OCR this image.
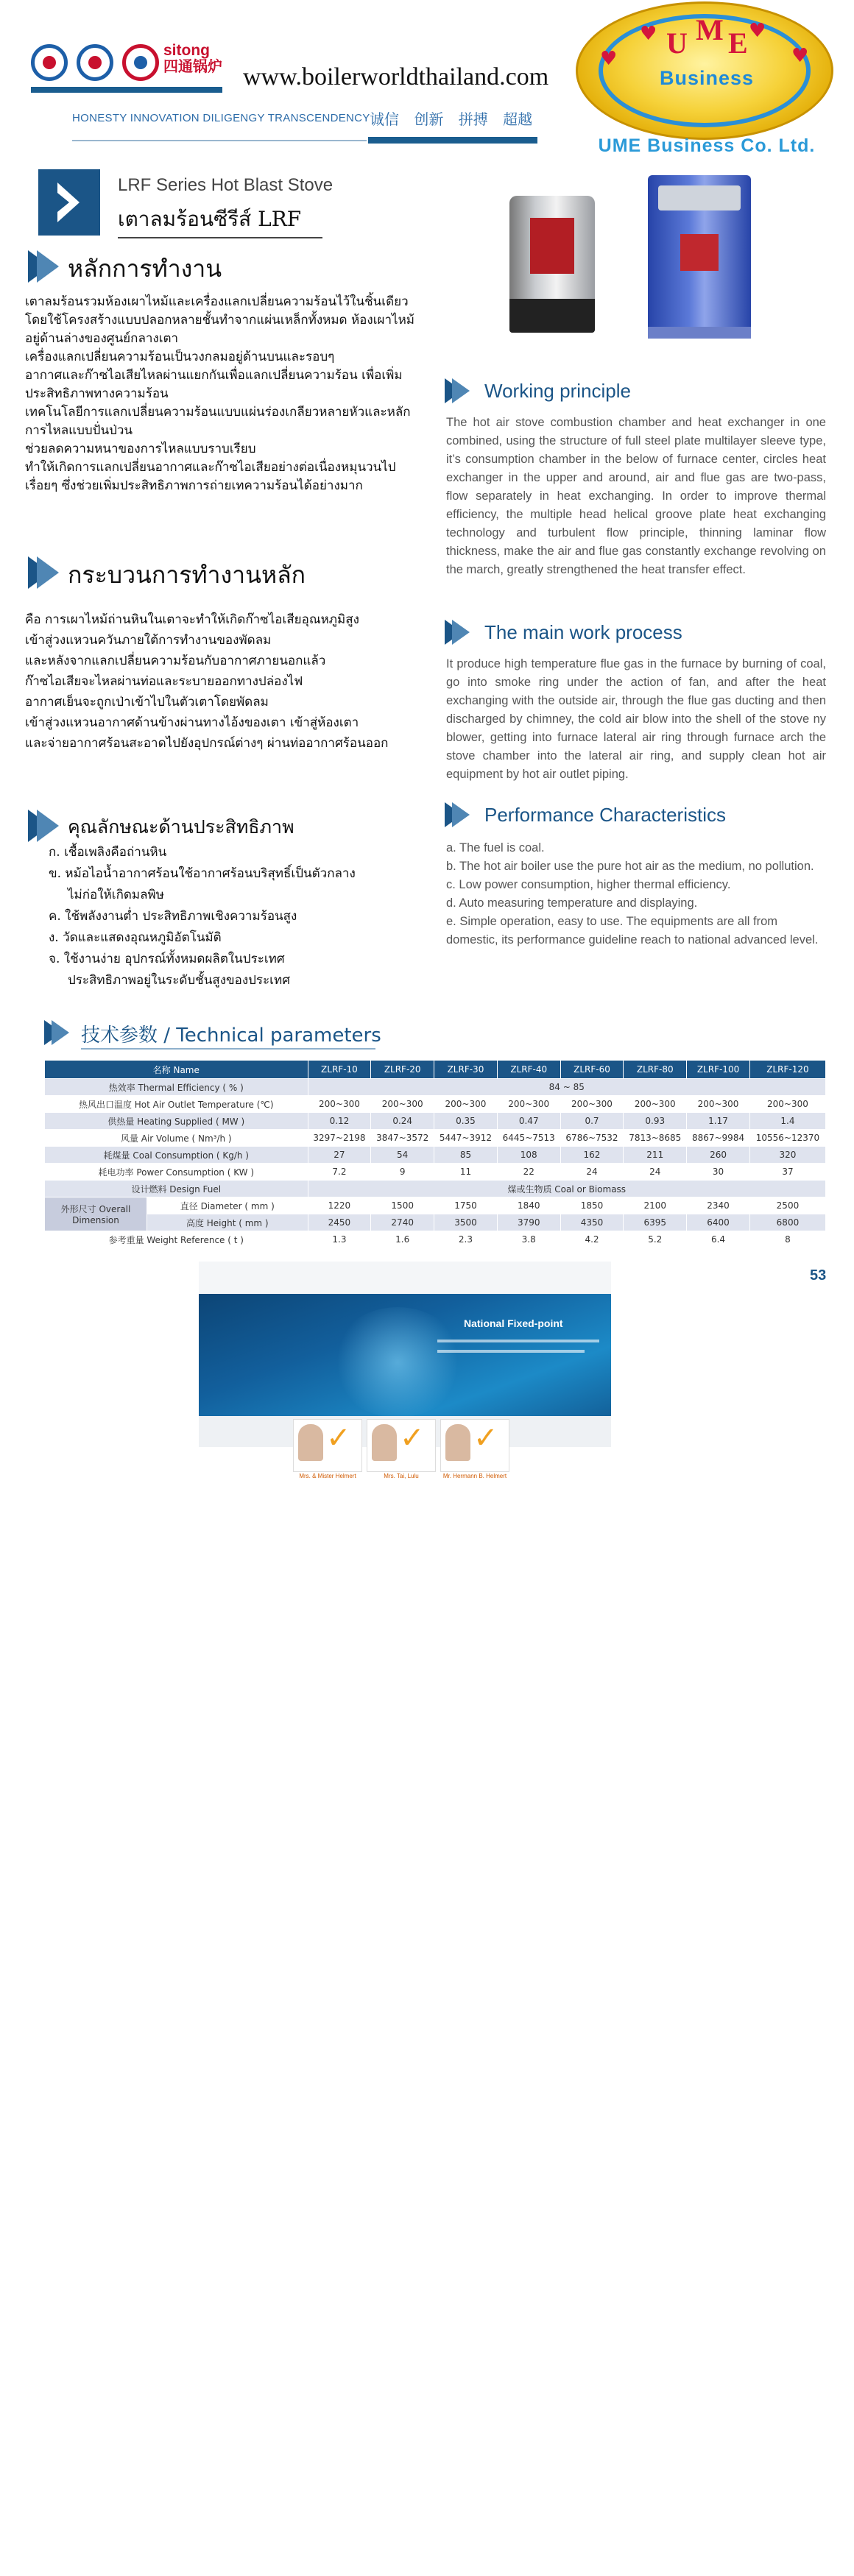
sitong
四通锅炉 www.boilerworldthailand.com
HONESTY INNOVATION DILIGENGY TRANSCENDENCY 诚信 创新 拼搏 超越
♥
♥	♥
♥
U M E
Business
UME Business Co. Ltd.
LRF Series Hot Blast Stove
เตาลมร้อนซีรีส์ LRF
หลักการทำงาน
เตาลมร้อนรวมห้องเผาไหม้และเครื่องแลกเปลี่ยนความร้อนไว้ในชิ้นเดียว โดยใช้โครงสร้างแบบปลอกหลายชั้นทำจากแผ่นเหล็กทั้งหมด ห้องเผาไหม้อยู่ด้านล่างของศูนย์กลางเตา
เครื่องแลกเปลี่ยนความร้อนเป็นวงกลมอยู่ด้านบนและรอบๆ
อากาศและก๊าซไอเสียไหลผ่านแยกกันเพื่อแลกเปลี่ยนความร้อน เพื่อเพิ่มประสิทธิภาพทางความร้อน
เทคโนโลยีการแลกเปลี่ยนความร้อนแบบแผ่นร่องเกลียวหลายหัวและหลักการไหลแบบปั่นป่วน
ช่วยลดความหนาของการไหลแบบราบเรียบ
ทำให้เกิดการแลกเปลี่ยนอากาศและก๊าซไอเสียอย่างต่อเนื่องหมุนวนไปเรื่อยๆ ซึ่งช่วยเพิ่มประสิทธิภาพการถ่ายเทความร้อนได้อย่างมาก
กระบวนการทำงานหลัก
คือ การเผาไหม้ถ่านหินในเตาจะทำให้เกิดก๊าซไอเสียอุณหภูมิสูง
เข้าสู่วงแหวนควันภายใต้การทำงานของพัดลม
และหลังจากแลกเปลี่ยนความร้อนกับอากาศภายนอกแล้ว
ก๊าซไอเสียจะไหลผ่านท่อและระบายออกทางปล่องไฟ
อากาศเย็นจะถูกเป่าเข้าไปในตัวเตาโดยพัดลม
เข้าสู่วงแหวนอากาศด้านข้างผ่านทางไอ้งของเตา เข้าสู่ห้องเตา
และจ่ายอากาศร้อนสะอาดไปยังอุปกรณ์ต่างๆ ผ่านท่ออากาศร้อนออก
คุณลักษณะด้านประสิทธิภาพ
ก. เชื้อเพลิงคือถ่านหิน
ข. หม้อไอน้ำอากาศร้อนใช้อากาศร้อนบริสุทธิ์เป็นตัวกลาง
ไม่ก่อให้เกิดมลพิษ
ค. ใช้พลังงานต่ำ ประสิทธิภาพเชิงความร้อนสูง
ง. วัดและแสดงอุณหภูมิอัตโนมัติ
จ. ใช้งานง่าย อุปกรณ์ทั้งหมดผลิตในประเทศ
ประสิทธิภาพอยู่ในระดับชั้นสูงของประเทศ
Working principle
The hot air stove combustion chamber and heat exchanger in one combined, using the structure of full steel plate multilayer sleeve type, it’s consumption chamber in the below of furnace center, circles heat exchanger in the upper and around, air and flue gas are two-pass, flow separately in heat exchanging. In order to improve thermal efficiency, the multiple head helical groove plate heat exchanging technology and turbulent flow principle, thinning laminar flow thickness, make the air and flue gas constantly exchange revolving on the march, greatly strengthened the heat transfer effect.
The main work process
It produce high temperature flue gas in the furnace by burning of coal, go into smoke ring under the action of fan, and after the heat exchanging with the outside air, through the flue gas ducting and then discharged by chimney, the cold air blow into the shell of the stove ny blower, getting into furnace lateral air ring through furnace arch the stove chamber into the lateral air ring, and supply clean hot air equipment by hot air outlet piping.
Performance Characteristics
a. The fuel is coal.
b. The hot air boiler use the pure hot air as the medium, no pollution.
c. Low power consumption, higher thermal efficiency.
d. Auto measuring temperature and displaying.
e. Simple operation, easy to use. The equipments are all from domestic, its performance guideline reach to national advanced level.
技术参数 / Technical parameters
名称 Name		ZLRF-10	ZLRF-20	ZLRF-30	ZLRF-40	ZLRF-60	ZLRF-80	ZLRF-100	ZLRF-120
热效率 Thermal Efficiency ( % )		84 ~ 85							
热风出口温度 Hot Air Outlet Temperature (℃)		200~300	200~300	200~300	200~300	200~300	200~300	200~300	200~300
供热量 Heating Supplied ( MW )		0.12	0.24	0.35	0.47	0.7	0.93	1.17	1.4
风量 Air Volume ( Nm³/h )		3297~2198	3847~3572	5447~3912	6445~7513	6786~7532	7813~8685	8867~9984	10556~12370
耗煤量 Coal Consumption ( Kg/h )		27	54	85	108	162	211	260	320
耗电功率 Power Consumption ( KW )		7.2	9	11	22	24	24	30	37
设计燃料 Design Fuel		煤或生物质 Coal or Biomass							
外形尺寸 Overall Dimension	直径 Diameter ( mm )	1220	1500	1750	1840	1850	2100	2340	2500
	高度 Height ( mm )	2450	2740	3500	3790	4350	6395	6400	6800
参考重量 Weight Reference ( t )		1.3	1.6	2.3	3.8	4.2	5.2	6.4	8
National Fixed-point
✓
Mrs. & Mister Helmert
✓
Mrs. Tai, Lulu
✓
Mr. Hermann B. Helmert
53
